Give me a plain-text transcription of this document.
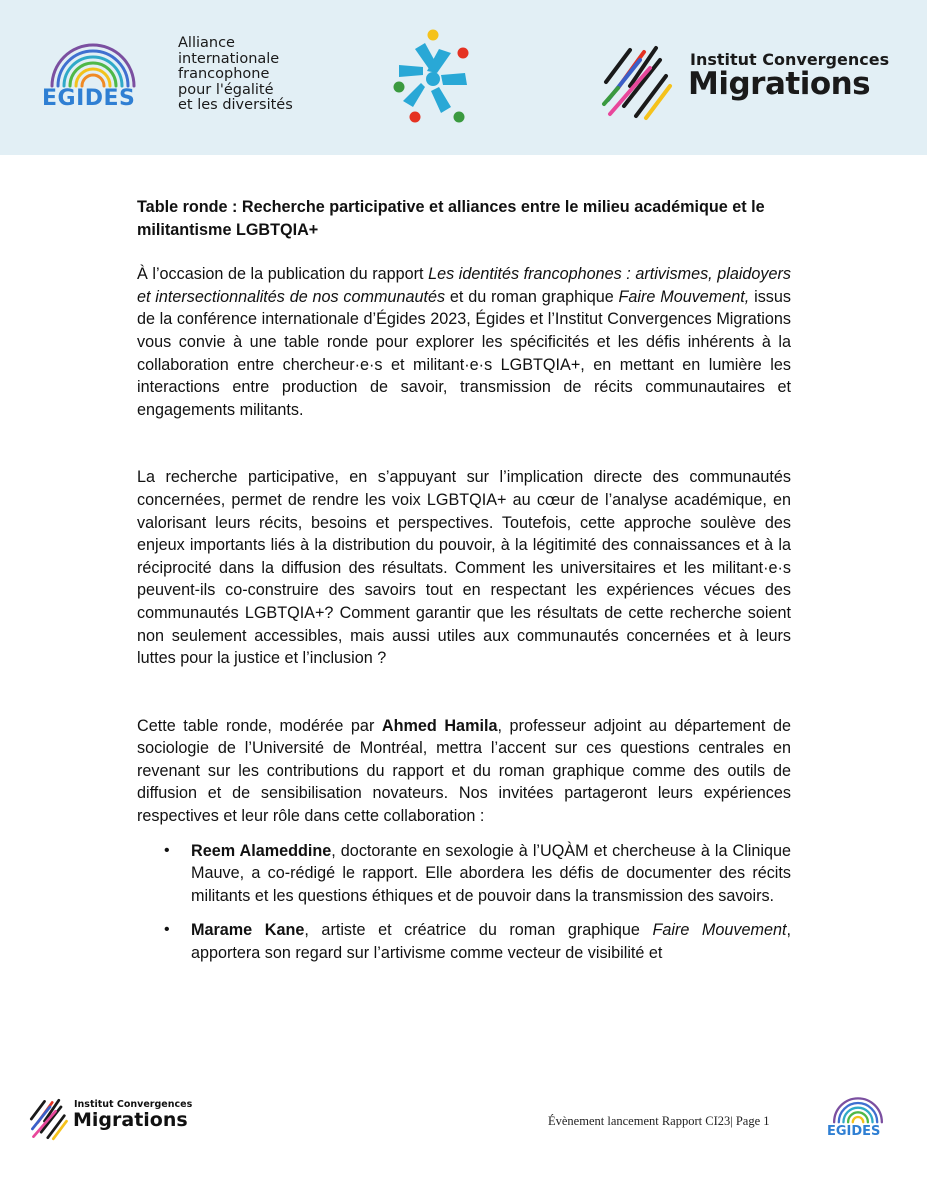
EGIDES
Alliance
internationale
francophone
pour l'égalité
et les diversités
Institut Convergences
Migrations
Table ronde : Recherche participative et alliances entre le milieu académique et le militantisme LGBTQIA+

À l’occasion de la publication du rapport Les identités francophones : artivismes, plaidoyers et intersectionnalités de nos communautés et du roman graphique Faire Mouvement, issus de la conférence internationale d’Égides 2023, Égides et l’Institut Convergences Migrations vous convie à une table ronde pour explorer les spécificités et les défis inhérents à la collaboration entre chercheur·e·s et militant·e·s LGBTQIA+, en mettant en lumière les interactions entre production de savoir, transmission de récits communautaires et engagements militants.

La recherche participative, en s’appuyant sur l’implication directe des communautés concernées, permet de rendre les voix LGBTQIA+ au cœur de l’analyse académique, en valorisant leurs récits, besoins et perspectives. Toutefois, cette approche soulève des enjeux importants liés à la distribution du pouvoir, à la légitimité des connaissances et à la réciprocité dans la diffusion des résultats. Comment les universitaires et les militant·e·s peuvent-ils co-construire des savoirs tout en respectant les expériences vécues des communautés LGBTQIA+? Comment garantir que les résultats de cette recherche soient non seulement accessibles, mais aussi utiles aux communautés concernées et à leurs luttes pour la justice et l’inclusion ?

Cette table ronde, modérée par Ahmed Hamila, professeur adjoint au département de sociologie de l’Université de Montréal, mettra l’accent sur ces questions centrales en revenant sur les contributions du rapport et du roman graphique comme des outils de diffusion et de sensibilisation novateurs. Nos invitées partageront leurs expériences respectives et leur rôle dans cette collaboration :

• Reem Alameddine, doctorante en sexologie à l’UQÀM et chercheuse à la Clinique Mauve, a co-rédigé le rapport. Elle abordera les défis de documenter des récits militants et les questions éthiques et de pouvoir dans la transmission des savoirs.
• Marame Kane, artiste et créatrice du roman graphique Faire Mouvement, apportera son regard sur l’artivisme comme vecteur de visibilité et
Institut Convergences
Migrations	Évènement lancement Rapport CI23| Page 1
EGIDES
